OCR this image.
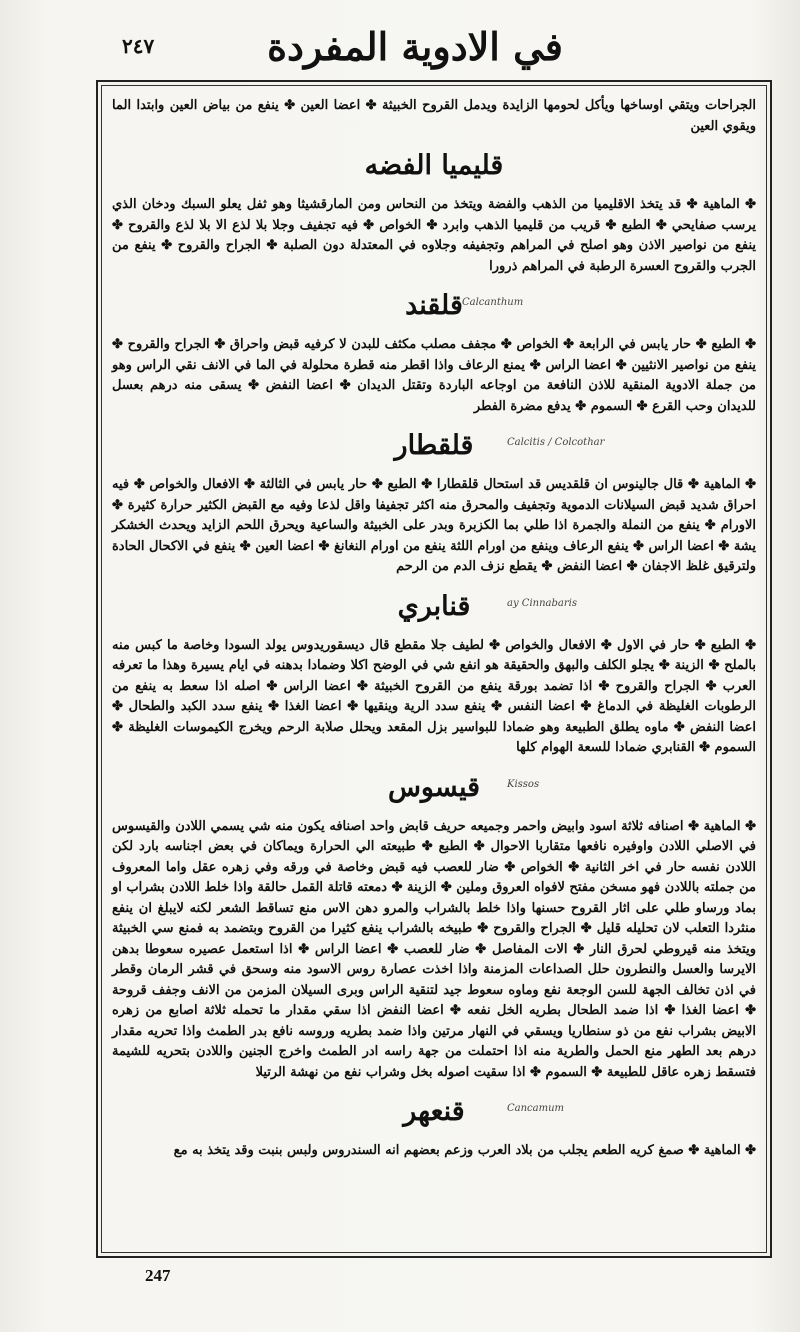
٢٤٧	في الادوية المفردة

الجراحات ويتقي اوساخها ويأكل لحومها الزايدة ويدمل القروح الخبيثة ✤ اعضا العين ✤ ينفع من بياض العين وابتدا الما ويقوي العين

قليميا الفضه

✤ الماهية ✤ قد يتخذ الاقليميا من الذهب والفضة ويتخذ من النحاس ومن المارقشيثا وهو ثفل يعلو السبك ودخان الذي يرسب صفايحي ✤ الطبع ✤ قريب من قليميا الذهب وابرد ✤ الخواص ✤ فيه تجفيف وجلا بلا لذع الا بلا لذع والقروح ✤ ينفع من نواصير الاذن وهو اصلح في المراهم وتجفيفه وجلاوه في المعتدلة دون الصلبة ✤ الجراح والقروح ✤ ينفع من الجرب والقروح العسرة الرطبة في المراهم ذرورا

قلقند Calcanthum

✤ الطبع ✤ حار يابس في الرابعة ✤ الخواص ✤ مجفف مصلب مكثف للبدن لا كرفيه قبض واحراق ✤ الجراح والقروح ✤ ينفع من نواصير الانثيين ✤ اعضا الراس ✤ يمنع الرعاف واذا اقطر منه قطرة محلولة في الما في الانف نقي الراس وهو من جملة الادوية المنقية للاذن النافعة من اوجاعه الباردة وتقتل الديدان ✤ اعضا النفض ✤ يسقى منه درهم بعسل للديدان وحب القرع ✤ السموم ✤ يدفع مضرة الفطر

قلقطار	Calcitis / Colcothar

✤ الماهية ✤ قال جالينوس ان قلقديس قد استحال قلقطارا ✤ الطبع ✤ حار يابس في الثالثة ✤ الافعال والخواص ✤ فيه احراق شديد قبض السيلانات الدموية وتجفيف والمحرق منه اكثر تجفيفا واقل لذعا وفيه مع القبض الكثير حرارة كثيرة ✤ الاورام ✤ ينفع من النملة والجمرة اذا طلي بما الكزبرة وبدر على الخبيثة والساعية ويحرق اللحم الزايد ويحدث الخشكر يشة ✤ اعضا الراس ✤ ينفع الرعاف وينفع من اورام اللثة ينفع من اورام النغانغ ✤ اعضا العين ✤ ينفع في الاكحال الحادة ولترقيق غلظ الاجفان ✤ اعضا النفض ✤ يقطع نزف الدم من الرحم

قنابري	ay Cinnabaris

✤ الطبع ✤ حار في الاول ✤ الافعال والخواص ✤ لطيف جلا مقطع قال ديسقوريدوس يولد السودا وخاصة ما كبس منه بالملح ✤ الزينة ✤ يجلو الكلف والبهق والحقيقة هو انفع شي في الوضح اكلا وضمادا بدهنه في ايام يسيرة وهذا ما تعرفه العرب ✤ الجراح والقروح ✤ اذا تضمد بورقة ينفع من القروح الخبيثة ✤ اعضا الراس ✤ اصله اذا سعط به ينفع من الرطوبات الغليظة في الدماغ ✤ اعضا النفس ✤ ينفع سدد الرية وينقيها ✤ اعضا الغذا ✤ ينفع سدد الكبد والطحال ✤ اعضا النفض ✤ ماوه يطلق الطبيعة وهو ضمادا للبواسير بزل المقعد ويحلل صلابة الرحم ويخرج الكيموسات الغليظة ✤ السموم ✤ القنابري ضمادا للسعة الهوام كلها

قيسوس	Kissos

✤ الماهية ✤ اصنافه ثلاثة اسود وابيض واحمر وجميعه حريف قابض واحد اصنافه يكون منه شي يسمي اللادن والقيسوس في الاصلي اللادن واوفيره نافعها متقاربا الاحوال ✤ الطبع ✤ طبيعته الي الحرارة ويماكان في بعض اجناسه بارد لكن اللادن نفسه حار في اخر الثانية ✤ الخواص ✤ ضار للعصب فيه قبض وخاصة في ورقه وفي زهره عقل واما المعروف من جملته باللادن فهو مسخن مفتح لافواه العروق وملين ✤ الزينة ✤ دمعته قاتلة القمل حالقة واذا خلط اللادن بشراب او بماد ورساو طلي على اثار القروح حسنها واذا خلط بالشراب والمرو دهن الاس منع تساقط الشعر لكنه لايبلغ ان ينفع منثردا التعلب لان تحليله قليل ✤ الجراح والقروح ✤ طبيخه بالشراب ينفع كثيرا من القروح وبتضمد به فمنع سي الخبيثة ويتخذ منه قيروطي لحرق النار ✤ الات المفاصل ✤ ضار للعصب ✤ اعضا الراس ✤ اذا استعمل عصيره سعوطا بدهن الايرسا والعسل والنطرون حلل الصداعات المزمنة واذا اخذت عصارة روس الاسود منه وسحق في قشر الرمان وقطر في اذن تخالف الجهة للسن الوجعة نفع وماوه سعوط جيد لتنقية الراس وبرى السيلان المزمن من الانف وجفف قروحة ✤ اعضا الغذا ✤ اذا ضمد الطحال بطريه الخل نفعه ✤ اعضا النفض اذا سقي مقدار ما تحمله ثلاثة اصابع من زهره الابيض بشراب نفع من ذو سنطاريا ويسقي في النهار مرتين واذا ضمد بطريه وروسه نافع بدر الطمث واذا تحريه مقدار درهم بعد الطهر منع الحمل والطرية منه اذا احتملت من جهة راسه ادر الطمث واخرج الجنين واللادن بتحريه للشيمة فتسقط زهره عاقل للطبيعة ✤ السموم ✤ اذا سقيت اصوله بخل وشراب نفع من نهشة الرتيلا

قنعهر	Cancamum

✤ الماهية ✤ صمغ كريه الطعم يجلب من بلاد العرب وزعم بعضهم انه السندروس ولبس بنبت وقد يتخذ به مع

247
